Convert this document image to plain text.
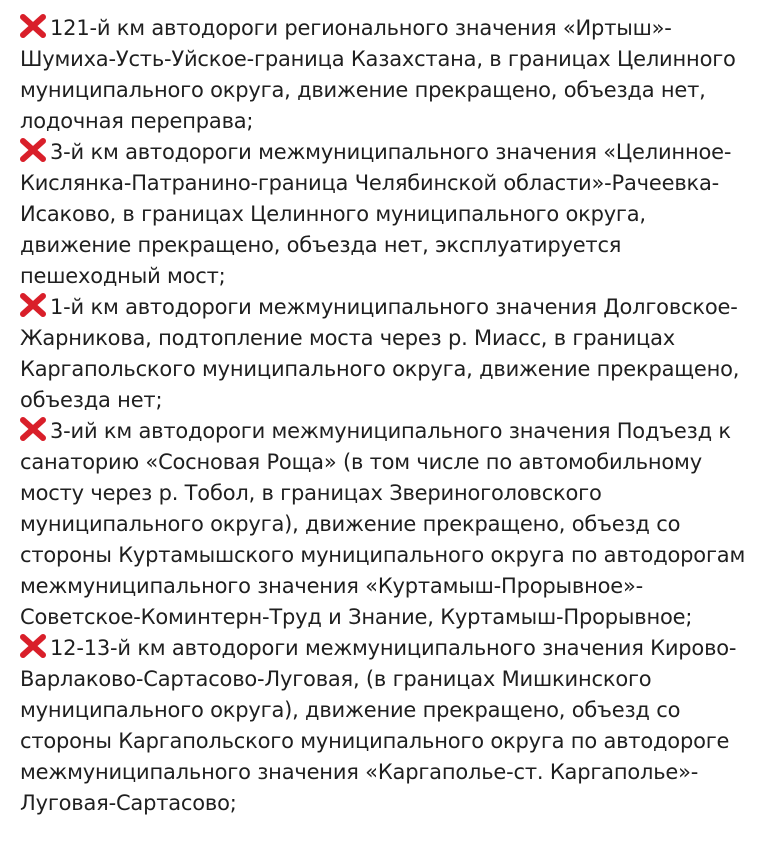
121-й км автодороги регионального значения «Иртыш»-Шумиха-Усть-Уйское-граница Казахстана, в границах Целинного муниципального округа, движение прекращено, объезда нет, лодочная переправа;

3-й км автодороги межмуниципального значения «Целинное-Кислянка-Патранино-граница Челябинской области»-Рачеевка-Исаково, в границах Целинного муниципального округа, движение прекращено, объезда нет, эксплуатируется пешеходный мост;

1-й км автодороги межмуниципального значения Долговское-Жарникова, подтопление моста через р. Миасс, в границах Каргапольского муниципального округа, движение прекращено, объезда нет;

3-ий км автодороги межмуниципального значения Подъезд к санаторию «Сосновая Роща» (в том числе по автомобильному мосту через р. Тобол, в границах Звериноголовского муниципального округа), движение прекращено, объезд со стороны Куртамышского муниципального округа по автодорогам межмуниципального значения «Куртамыш-Прорывное»-Советское-Коминтерн-Труд и Знание, Куртамыш-Прорывное;

12-13-й км автодороги межмуниципального значения Кирово-Варлаково-Сартасово-Луговая, (в границах Мишкинского муниципального округа), движение прекращено, объезд со стороны Каргапольского муниципального округа по автодороге межмуниципального значения «Каргаполье-ст. Каргаполье»-Луговая-Сартасово;
